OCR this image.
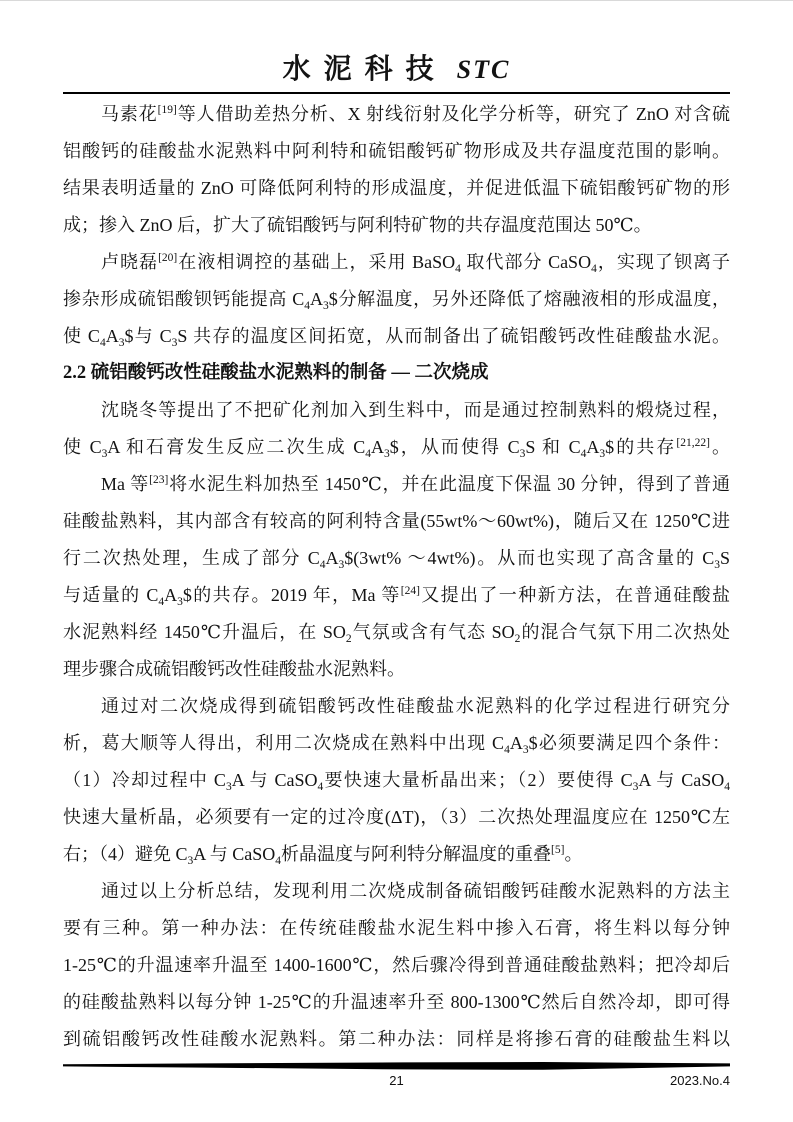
水泥科技 STC
马素花[19]等人借助差热分析、X 射线衍射及化学分析等，研究了 ZnO 对含硫
铝酸钙的硅酸盐水泥熟料中阿利特和硫铝酸钙矿物形成及共存温度范围的影响。
结果表明适量的 ZnO 可降低阿利特的形成温度，并促进低温下硫铝酸钙矿物的形
成；掺入 ZnO 后，扩大了硫铝酸钙与阿利特矿物的共存温度范围达 50℃。
卢晓磊[20]在液相调控的基础上，采用 BaSO$_4$ 取代部分 CaSO$_4$，实现了钡离子
掺杂形成硫铝酸钡钙能提高 $C_4A_3\$$分解温度，另外还降低了熔融液相的形成温度，
使 $C_4A_3\$$与 $C_3S$ 共存的温度区间拓宽，从而制备出了硫铝酸钙改性硅酸盐水泥。
2.2 硫铝酸钙改性硅酸盐水泥熟料的制备 — 二次烧成
沈晓冬等提出了不把矿化剂加入到生料中，而是通过控制熟料的煅烧过程，
使 $C_3A$ 和石膏发生反应二次生成 $C_4A_3\$$，从而使得 $C_3S$ 和 $C_4A_3\$$的共存[21,22]。
Ma 等[23]将水泥生料加热至 1450℃，并在此温度下保温 30 分钟，得到了普通
硅酸盐熟料，其内部含有较高的阿利特含量(55wt%～60wt%)，随后又在 1250℃进
行二次热处理，生成了部分 $C_4A_3\$(3wt\%$ ～4wt%)。从而也实现了高含量的 $C_3S$
与适量的 $C_4A_3\$$的共存。2019 年，Ma 等[24]又提出了一种新方法，在普通硅酸盐
水泥熟料经 1450℃升温后，在 $SO_2$气氛或含有气态 $SO_2$的混合气氛下用二次热处
理步骤合成硫铝酸钙改性硅酸盐水泥熟料。
通过对二次烧成得到硫铝酸钙改性硅酸盐水泥熟料的化学过程进行研究分
析，葛大顺等人得出，利用二次烧成在熟料中出现 $C_4A_3\$$必须要满足四个条件：
（1）冷却过程中 $C_3A$ 与 CaSO$_4$要快速大量析晶出来；（2）要使得 $C_3A$ 与 CaSO$_4$
快速大量析晶，必须要有一定的过冷度(ΔT)，（3）二次热处理温度应在 1250℃左
右；（4）避免 $C_3A$ 与 CaSO$_4$析晶温度与阿利特分解温度的重叠[5]。
通过以上分析总结，发现利用二次烧成制备硫铝酸钙硅酸水泥熟料的方法主
要有三种。第一种办法：在传统硅酸盐水泥生料中掺入石膏，将生料以每分钟
1-25℃的升温速率升温至 1400-1600℃，然后骤冷得到普通硅酸盐熟料；把冷却后
的硅酸盐熟料以每分钟 1-25℃的升温速率升至 800-1300℃然后自然冷却，即可得
到硫铝酸钙改性硅酸水泥熟料。第二种办法：同样是将掺石膏的硅酸盐生料以
21	2023.No.4
